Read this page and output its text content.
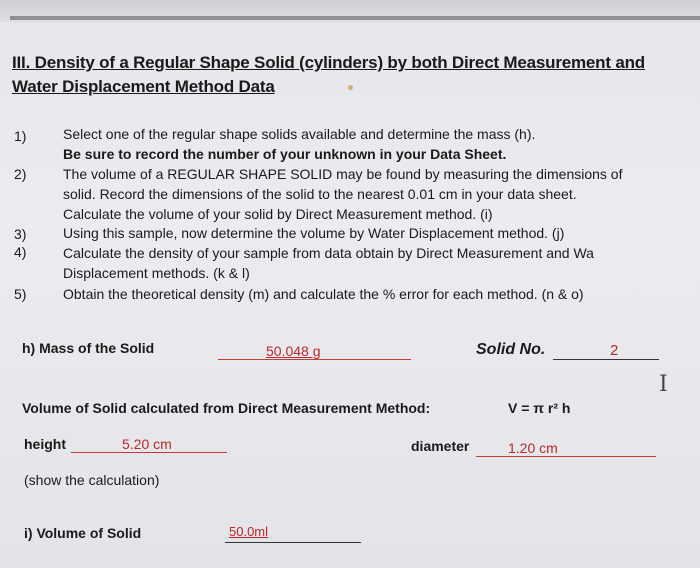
III. Density of a Regular Shape Solid (cylinders) by both Direct Measurement and
Water Displacement Method Data
1)	Select one of the regular shape solids available and determine the mass (h).
Be sure to record the number of your unknown in your Data Sheet.
2)	The volume of a REGULAR SHAPE SOLID may be found by measuring the dimensions of
solid. Record the dimensions of the solid to the nearest 0.01 cm in your data sheet.
Calculate the volume of your solid by Direct Measurement method. (i)
3)	Using this sample, now determine the volume by Water Displacement method. (j)
4)	Calculate the density of your sample from data obtain by Direct Measurement and Wa
Displacement methods. (k & l)
5)	Obtain the theoretical density (m) and calculate the % error for each method. (n & o)
h) Mass of the Solid	50.048 g	Solid No.	2
I
Volume of Solid calculated from Direct Measurement Method:	V = π r² h
height	5.20 cm	diameter	1.20 cm
(show the calculation)
i) Volume of Solid	50.0ml
